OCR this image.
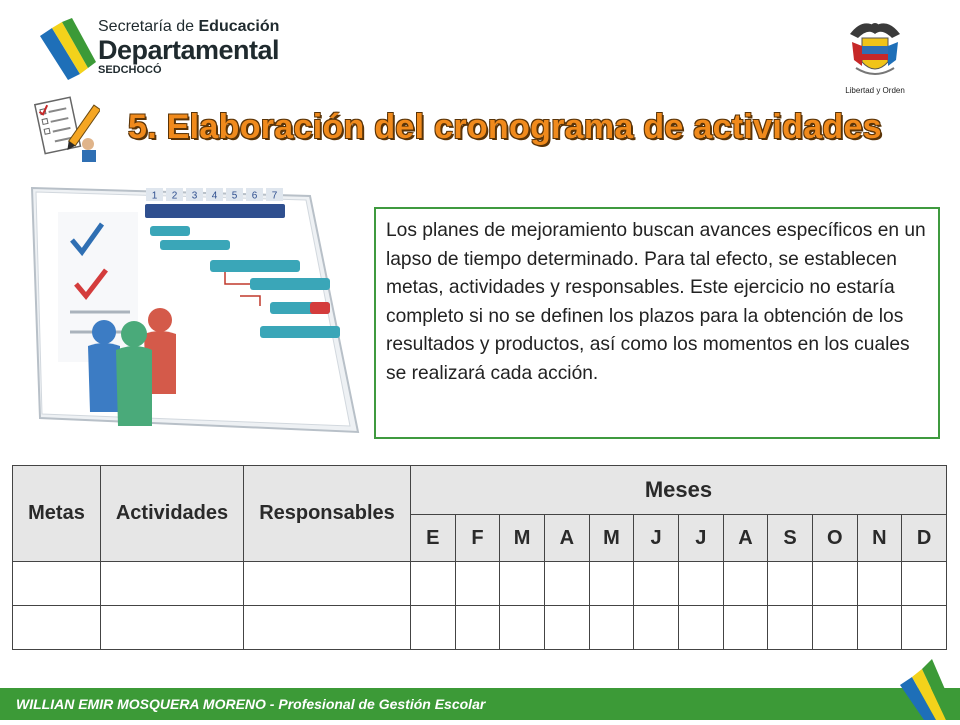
Secretaría de Educación
Departamental
SEDCHOCÓ
Libertad y Orden
5. Elaboración del cronograma de actividades
1 2 3 4 5 6 7
Los planes de mejoramiento buscan avances específicos en un lapso de tiempo determinado. Para tal efecto, se establecen metas, actividades y responsables. Este ejercicio no estaría completo si no se definen los plazos para la obtención de los resultados y productos, así como los momentos en los cuales se realizará cada acción.
Metas	Actividades	Responsables	Meses											
			E	F	M	A	M	J	J	A	S	O	N	D

WILLIAN EMIR MOSQUERA MORENO - Profesional de Gestión Escolar
